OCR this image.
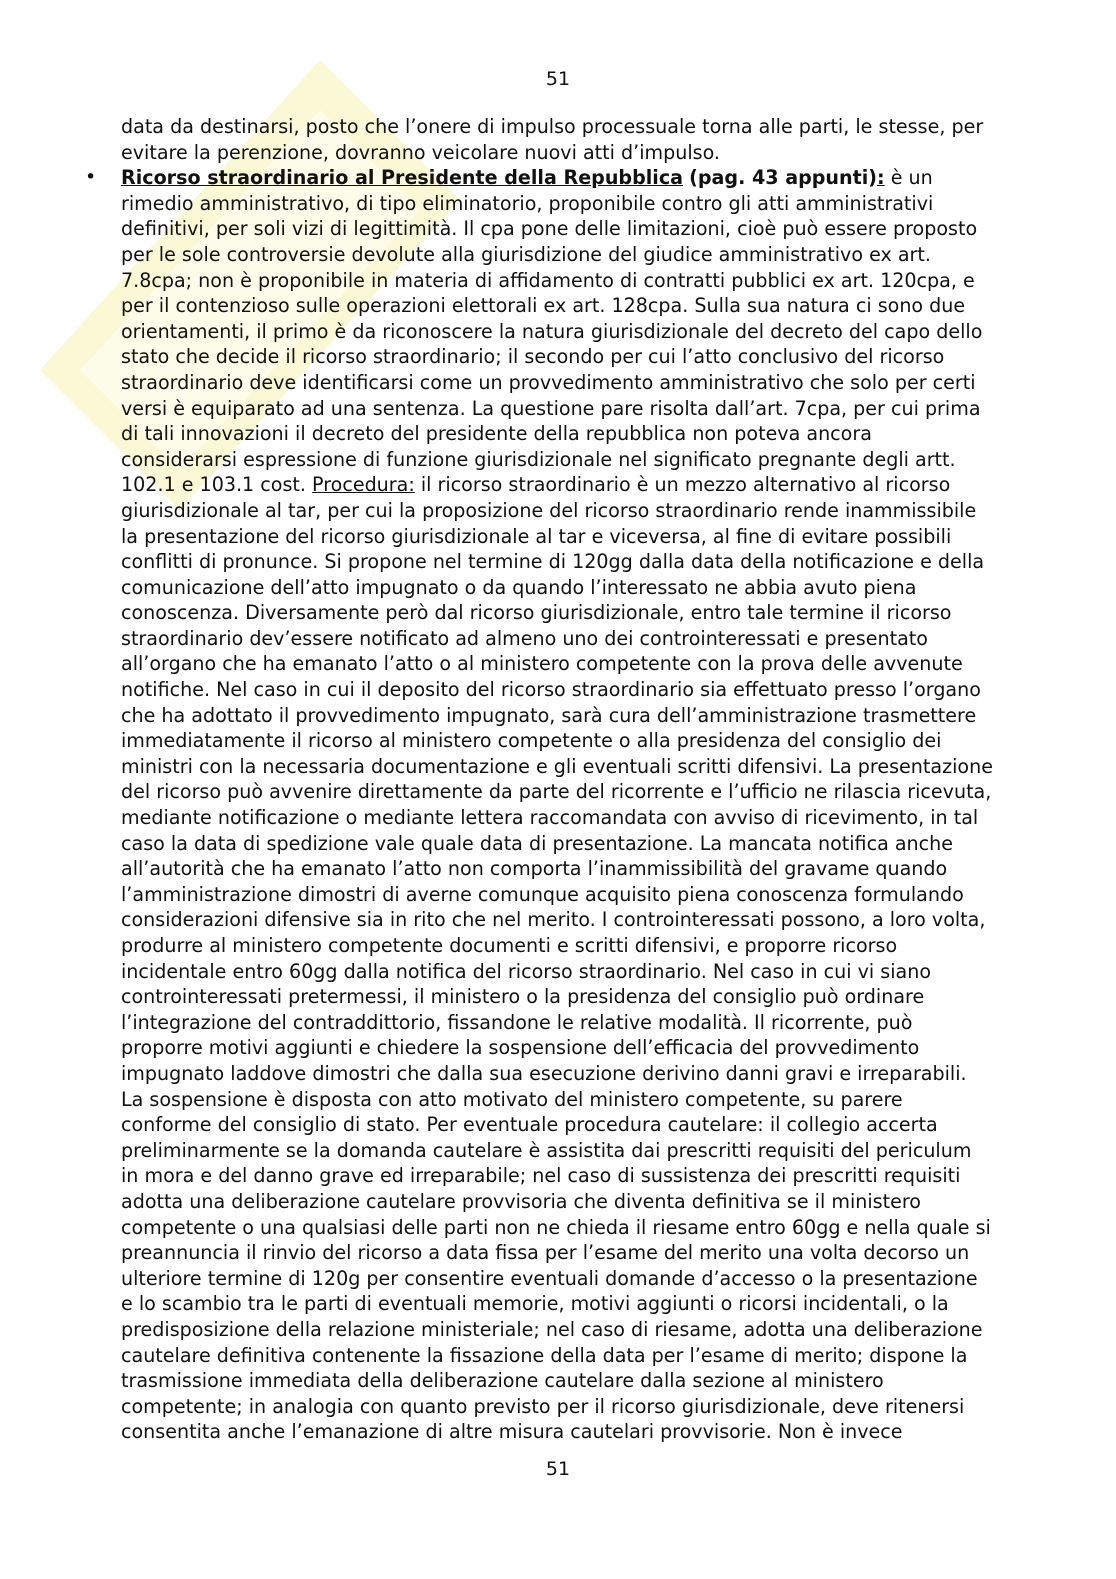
51

data da destinarsi, posto che l’onere di impulso processuale torna alle parti, le stesse, per

evitare la perenzione, dovranno veicolare nuovi atti d’impulso.

• Ricorso straordinario al Presidente della Repubblica (pag. 43 appunti): è un

rimedio amministrativo, di tipo eliminatorio, proponibile contro gli atti amministrativi

definitivi, per soli vizi di legittimità. Il cpa pone delle limitazioni, cioè può essere proposto

per le sole controversie devolute alla giurisdizione del giudice amministrativo ex art.

7.8cpa; non è proponibile in materia di affidamento di contratti pubblici ex art. 120cpa, e

per il contenzioso sulle operazioni elettorali ex art. 128cpa. Sulla sua natura ci sono due

orientamenti, il primo è da riconoscere la natura giurisdizionale del decreto del capo dello

stato che decide il ricorso straordinario; il secondo per cui l’atto conclusivo del ricorso

straordinario deve identificarsi come un provvedimento amministrativo che solo per certi

versi è equiparato ad una sentenza. La questione pare risolta dall’art. 7cpa, per cui prima

di tali innovazioni il decreto del presidente della repubblica non poteva ancora

considerarsi espressione di funzione giurisdizionale nel significato pregnante degli artt.

102.1 e 103.1 cost. Procedura: il ricorso straordinario è un mezzo alternativo al ricorso

giurisdizionale al tar, per cui la proposizione del ricorso straordinario rende inammissibile

la presentazione del ricorso giurisdizionale al tar e viceversa, al fine di evitare possibili

conflitti di pronunce. Si propone nel termine di 120gg dalla data della notificazione e della

comunicazione dell’atto impugnato o da quando l’interessato ne abbia avuto piena

conoscenza. Diversamente però dal ricorso giurisdizionale, entro tale termine il ricorso

straordinario dev’essere notificato ad almeno uno dei controinteressati e presentato

all’organo che ha emanato l’atto o al ministero competente con la prova delle avvenute

notifiche. Nel caso in cui il deposito del ricorso straordinario sia effettuato presso l’organo

che ha adottato il provvedimento impugnato, sarà cura dell’amministrazione trasmettere

immediatamente il ricorso al ministero competente o alla presidenza del consiglio dei

ministri con la necessaria documentazione e gli eventuali scritti difensivi. La presentazione

del ricorso può avvenire direttamente da parte del ricorrente e l’ufficio ne rilascia ricevuta,

mediante notificazione o mediante lettera raccomandata con avviso di ricevimento, in tal

caso la data di spedizione vale quale data di presentazione. La mancata notifica anche

all’autorità che ha emanato l’atto non comporta l’inammissibilità del gravame quando

l’amministrazione dimostri di averne comunque acquisito piena conoscenza formulando

considerazioni difensive sia in rito che nel merito. I controinteressati possono, a loro volta,

produrre al ministero competente documenti e scritti difensivi, e proporre ricorso

incidentale entro 60gg dalla notifica del ricorso straordinario. Nel caso in cui vi siano

controinteressati pretermessi, il ministero o la presidenza del consiglio può ordinare

l’integrazione del contraddittorio, fissandone le relative modalità. Il ricorrente, può

proporre motivi aggiunti e chiedere la sospensione dell’efficacia del provvedimento

impugnato laddove dimostri che dalla sua esecuzione derivino danni gravi e irreparabili.

La sospensione è disposta con atto motivato del ministero competente, su parere

conforme del consiglio di stato. Per eventuale procedura cautelare: il collegio accerta

preliminarmente se la domanda cautelare è assistita dai prescritti requisiti del periculum

in mora e del danno grave ed irreparabile; nel caso di sussistenza dei prescritti requisiti

adotta una deliberazione cautelare provvisoria che diventa definitiva se il ministero

competente o una qualsiasi delle parti non ne chieda il riesame entro 60gg e nella quale si

preannuncia il rinvio del ricorso a data fissa per l’esame del merito una volta decorso un

ulteriore termine di 120g per consentire eventuali domande d’accesso o la presentazione

e lo scambio tra le parti di eventuali memorie, motivi aggiunti o ricorsi incidentali, o la

predisposizione della relazione ministeriale; nel caso di riesame, adotta una deliberazione

cautelare definitiva contenente la fissazione della data per l’esame di merito; dispone la

trasmissione immediata della deliberazione cautelare dalla sezione al ministero

competente; in analogia con quanto previsto per il ricorso giurisdizionale, deve ritenersi

consentita anche l’emanazione di altre misura cautelari provvisorie. Non è invece

51
